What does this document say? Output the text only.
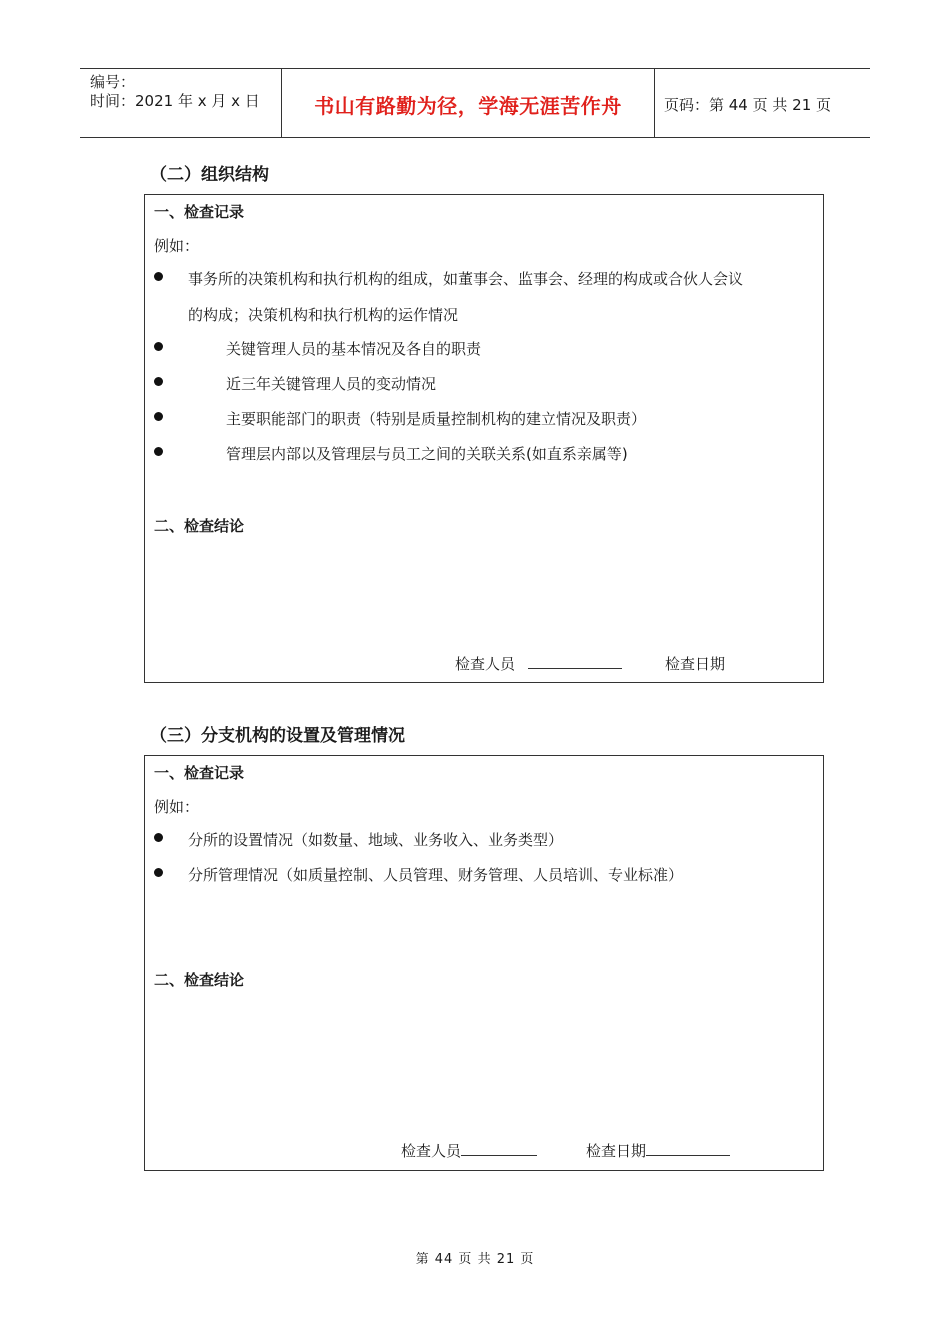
编号：
时间：2021 年 x 月 x 日	书山有路勤为径，学海无涯苦作舟	页码：第 44 页 共 21 页
（二）组织结构
一、检查记录
例如：
事务所的决策机构和执行机构的组成，如董事会、监事会、经理的构成或合伙人会议
的构成；决策机构和执行机构的运作情况
关键管理人员的基本情况及各自的职责
近三年关键管理人员的变动情况
主要职能部门的职责（特别是质量控制机构的建立情况及职责）
管理层内部以及管理层与员工之间的关联关系(如直系亲属等)
二、检查结论
检查人员	检查日期
（三）分支机构的设置及管理情况
一、检查记录
例如：
分所的设置情况（如数量、地域、业务收入、业务类型）
分所管理情况（如质量控制、人员管理、财务管理、人员培训、专业标准）
二、检查结论
检查人员	检查日期
第 44 页 共 21 页
